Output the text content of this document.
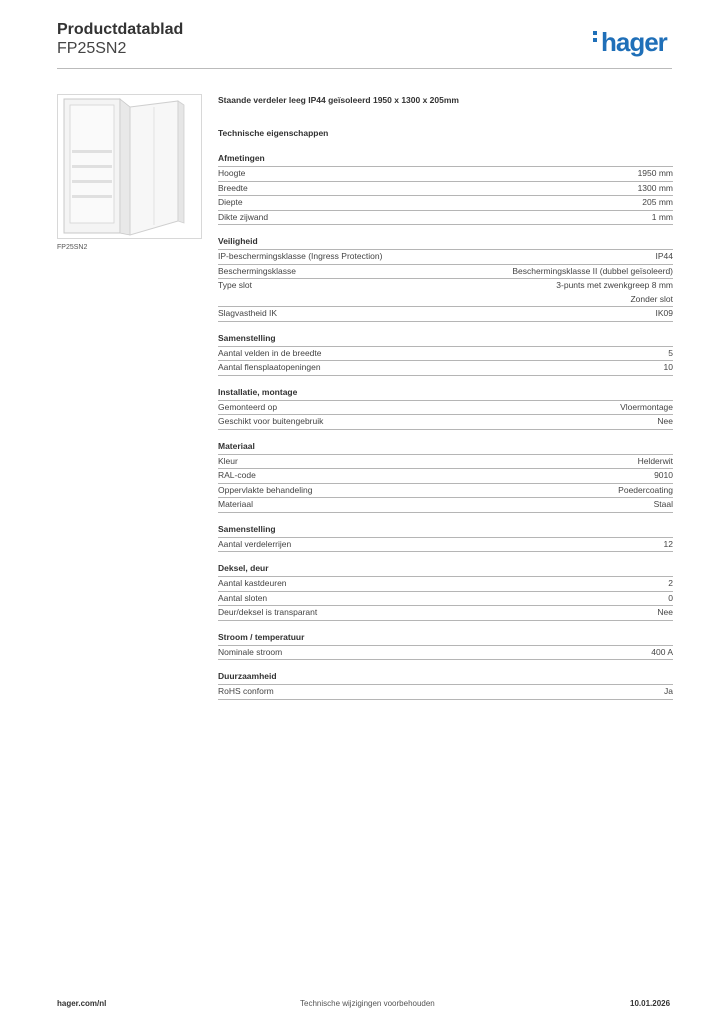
Productdatablad
FP25SN2	hager
FP25SN2
Staande verdeler leeg IP44 geïsoleerd 1950 x 1300 x 205mm
Technische eigenschappen
Afmetingen
Hoogte	1950 mm
Breedte	1300 mm
Diepte	205 mm
Dikte zijwand	1 mm
Veiligheid
IP-beschermingsklasse (Ingress Protection)	IP44
Beschermingsklasse	Beschermingsklasse II (dubbel geïsoleerd)
Type slot	3-punts met zwenkgreep 8 mm
Zonder slot
Slagvastheid IK	IK09
Samenstelling
Aantal velden in de breedte	5
Aantal flensplaatopeningen	10
Installatie, montage
Gemonteerd op	Vloermontage
Geschikt voor buitengebruik	Nee
Materiaal
Kleur	Helderwit
RAL-code	9010
Oppervlakte behandeling	Poedercoating
Materiaal	Staal
Samenstelling
Aantal verdelerrijen	12
Deksel, deur
Aantal kastdeuren	2
Aantal sloten	0
Deur/deksel is transparant	Nee
Stroom / temperatuur
Nominale stroom	400 A
Duurzaamheid
RoHS conform	Ja
hager.com/nl	Technische wijzigingen voorbehouden	10.01.2026
